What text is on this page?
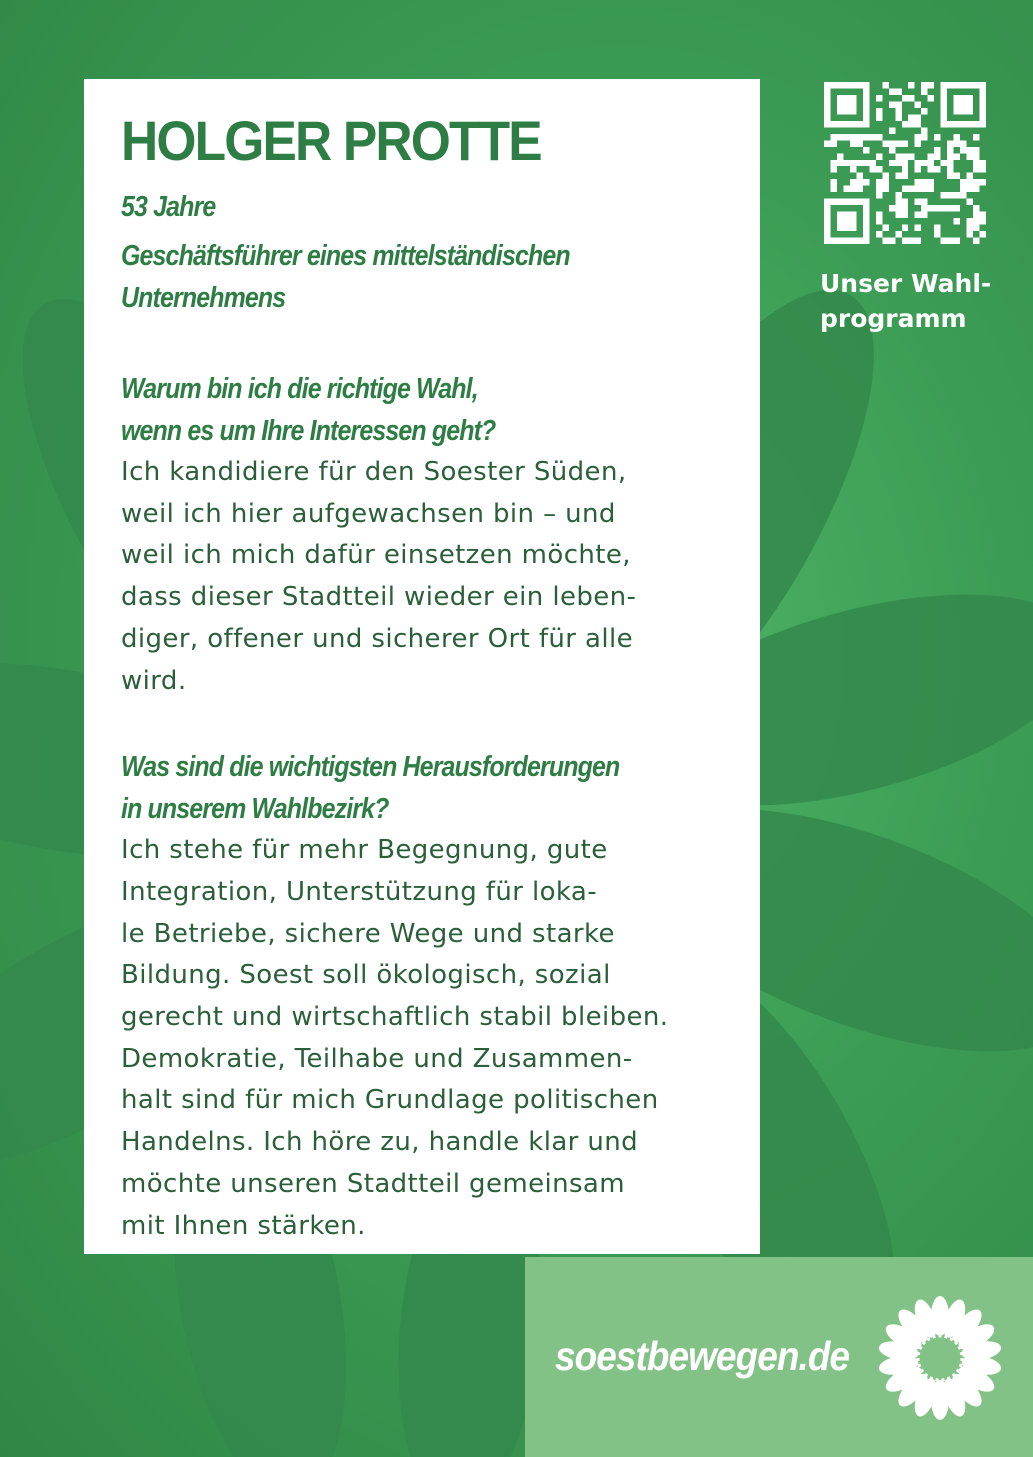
HOLGER PROTTE
53 Jahre
Geschäftsführer eines mittelständischen
Unternehmens
Warum bin ich die richtige Wahl,
wenn es um Ihre Interessen geht?
Ich kandidiere für den Soester Süden,
weil ich hier aufgewachsen bin – und
weil ich mich dafür einsetzen möchte,
dass dieser Stadtteil wieder ein leben-
diger, offener und sicherer Ort für alle
wird.
Was sind die wichtigsten Herausforderungen
in unserem Wahlbezirk?
Ich stehe für mehr Begegnung, gute
Integration, Unterstützung für loka-
le Betriebe, sichere Wege und starke
Bildung. Soest soll ökologisch, sozial
gerecht und wirtschaftlich stabil bleiben.
Demokratie, Teilhabe und Zusammen-
halt sind für mich Grundlage politischen
Handelns. Ich höre zu, handle klar und
möchte unseren Stadtteil gemeinsam
mit Ihnen stärken.
Unser Wahl-
programm
soestbewegen.de
